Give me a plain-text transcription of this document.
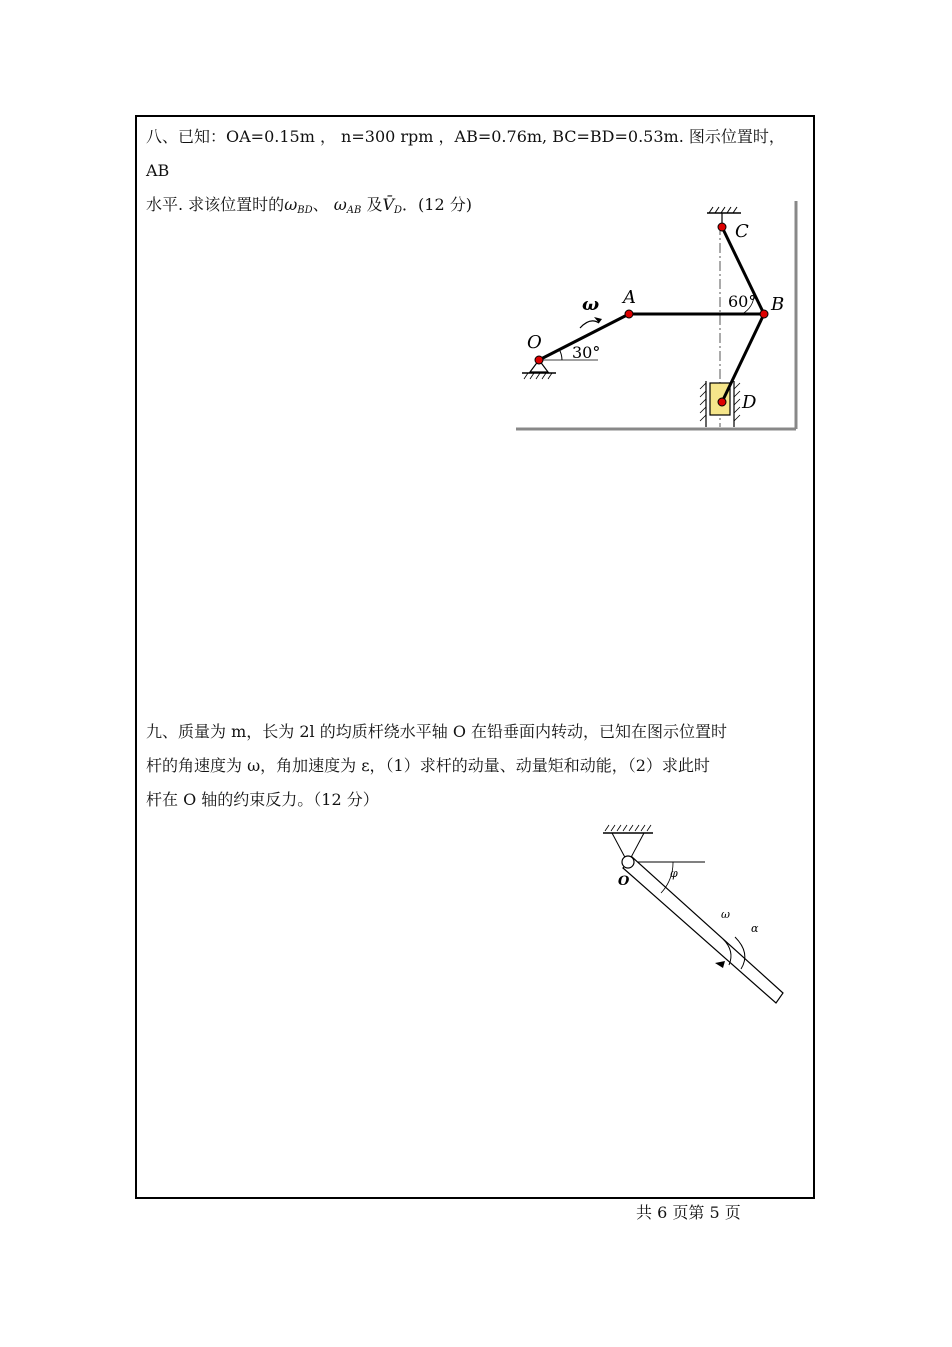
八、已知：OA=0.15m ， n=300 rpm ，AB=0.76m, BC=BD=0.53m. 图示位置时， AB
水平. 求该位置时的$\omega_{BD}$、 $\omega_{AB}$ 及$V̄_D$．(12 分)
O
A	B
C
D
ω
30°
60°
九、质量为 m，长为 2l 的均质杆绕水平轴 O 在铅垂面内转动，已知在图示位置时
杆的角速度为 ω，角加速度为 ε，（1）求杆的动量、动量矩和动能，（2）求此时
杆在 O 轴的约束反力。（12 分）
O
φ
ω
α
共 6 页第 5 页
